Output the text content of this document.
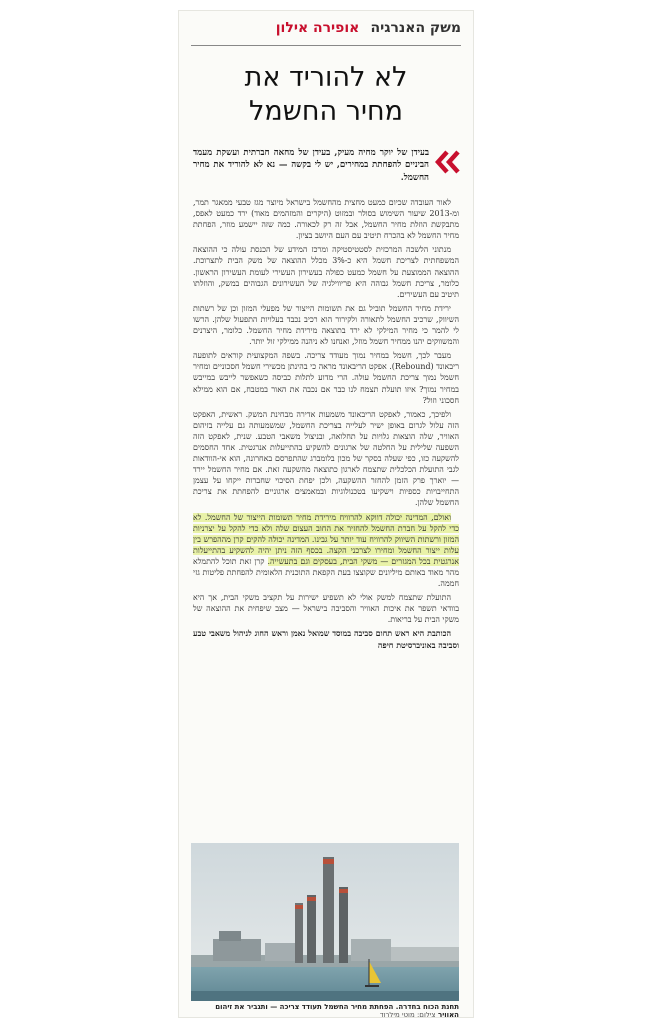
משק האנרגיה אופירה אילון
לא להוריד את
מחיר החשמל
בעידן של יוקר מחיה מעיק, בעידן של מחאה חברתית ועשקת מעמד הביניים להפחתת במחירים, יש לי בקשה — נא לא להוריד את מחיר החשמל.

לאור העובדה שכיום כמעט מחצית מהחשמל בישראל מיוצר מגז טבעי ממאגר תמר, ומ-2013 שיעור השימוש בסולר ובמזוט (היקרים והמזהמים מאוד) ירד כמעט לאפס, מתבקשת הוזלת מחיר החשמל, אבל זה רק לכאורה. כמה שזה יישמע מוזר, הפחתת מחיר החשמל לא בהכרח תיטיב עם העם היושב בציון.

מנתוני הלשכה המרכזית לסטטיסטיקה ומרכז המידע של הכנסת עולה כי ההוצאה המשפחתית לצריכת חשמל היא כ-3% מכלל ההוצאה של משק הבית לתצרוכת. ההוצאה הממוצעת על חשמל כמעט כפולה בעשירון העשירי לעומת העשירון הראשון. כלומר, צריכת חשמל גבוהה היא פריווילגיה של העשירונים הגבוהים במשק, והוזלתו תיטיב עם העשירים.

ירידת מחיר החשמל תוביל גם את תשומות הייצור של מפעלי המזון וכן של רשתות השיווק, שרכיב החשמל לתאורה ולקירור הוא רכיב נכבד בעלויות התפעול שלהן. הרשו לי להמר כי מחיר המילקי לא ירד בתוצאה מירידת מחיר החשמל. כלומר, היצרנים והמשווקים יהנו ממחיר חשמל מוזל, ואנחנו לא ניהנה ממילקי זול יותר.

מעבר לכך, חשמל במחיר נמוך מעודד צריכה. בשפה המקצועית קוראים לתופעה ריבאונד (Rebound). אפקט הריבאונד מראה כי בהינתן מכשירי חשמל חסכוניים ומחיר חשמל נמוך צריכת החשמל עולה. הרי מדוע לתלות כביסה כשאפשר לייבש במייבש במחיר נמוך? איזו תועלת תצמח לנו כבר אם נכבה את האור במטבח, אם הוא ממילא חסכוני וזול?

ולפיכך, כאמור, לאפקט הריבאונד משמעות אדירה מבחינת המשק. ראשית, האפקט הזה עלול לגרום באופן ישיר לעלייה בצריכת החשמל, שמשמעותה גם עלייה בזיהום האוויר, שלה הוצאות גלויות על תחלואה, ובניצול משאבי הטבע. שנית, לאפקט הזה השפעה שלילית על החלטה של ארגונים להשקיע בהתייעלות אנרגטית. אחד החסמים להשקעה כזו, כפי שעלה בסקר של מכון בלומברג שהתפרסם באחרונה, הוא אי-הוודאות לגבי התועלת הכלכלית שתצמח לארגון כתוצאה מהשקעה זאת. אם מחיר החשמל יירד — יוארך פרק הזמן להחזר ההשקעה, ולכן יפחת הסיכוי שחברות ייקחו על עצמן התחייבויות כספיות וישקיעו בטכנולוגיות ובמאמצים ארגוניים להפחתת את צריכת החשמל שלהן.

ואולם, המדינה יכולה דווקא להרוויח מירידת מחיר תשומות הייצור של החשמל. לא כדי להקל על חברת החשמל להחזיר את החוב העצום שלה ולא כדי להקל על יצרניות המזון ורשתות השיווק להרוויח עוד יותר על גבינו. המדינה יכולה להקים קרן מההפרש בין עלות ייצור החשמל ומחירו לצרכני הקצה. בכסף הזה ניתן יהיה להשקיע בהתייעלות אנרגטית בכל המגזרים — משקי הבית, בעסקים וגם בתעשייה. קרן זאת תוכל להתמלא מהר מאוד באותם מיליונים שקוצצו בעת הקפאת התוכנית הלאומית להפחתת פליטות גזי חממה.

התועלת שתצמח למשק אולי לא תשפיע ישירות על תקציב משקי הבית, אך היא בוודאי תשפר את איכות האוויר והסביבה בישראל — מצב שיפחית את ההוצאה של משקי הבית על בריאות.

הכותבת היא ראש תחום סביבה במוסד שמואל נאמן וראש החוג לניהול משאבי טבע וסביבה באוניברסיטת חיפה

תחנת הכוח בחדרה. הפחתת מחיר החשמל תעודד צריכה — ותגביר את זיהום האוויר צילום: מוטי מילרוד
